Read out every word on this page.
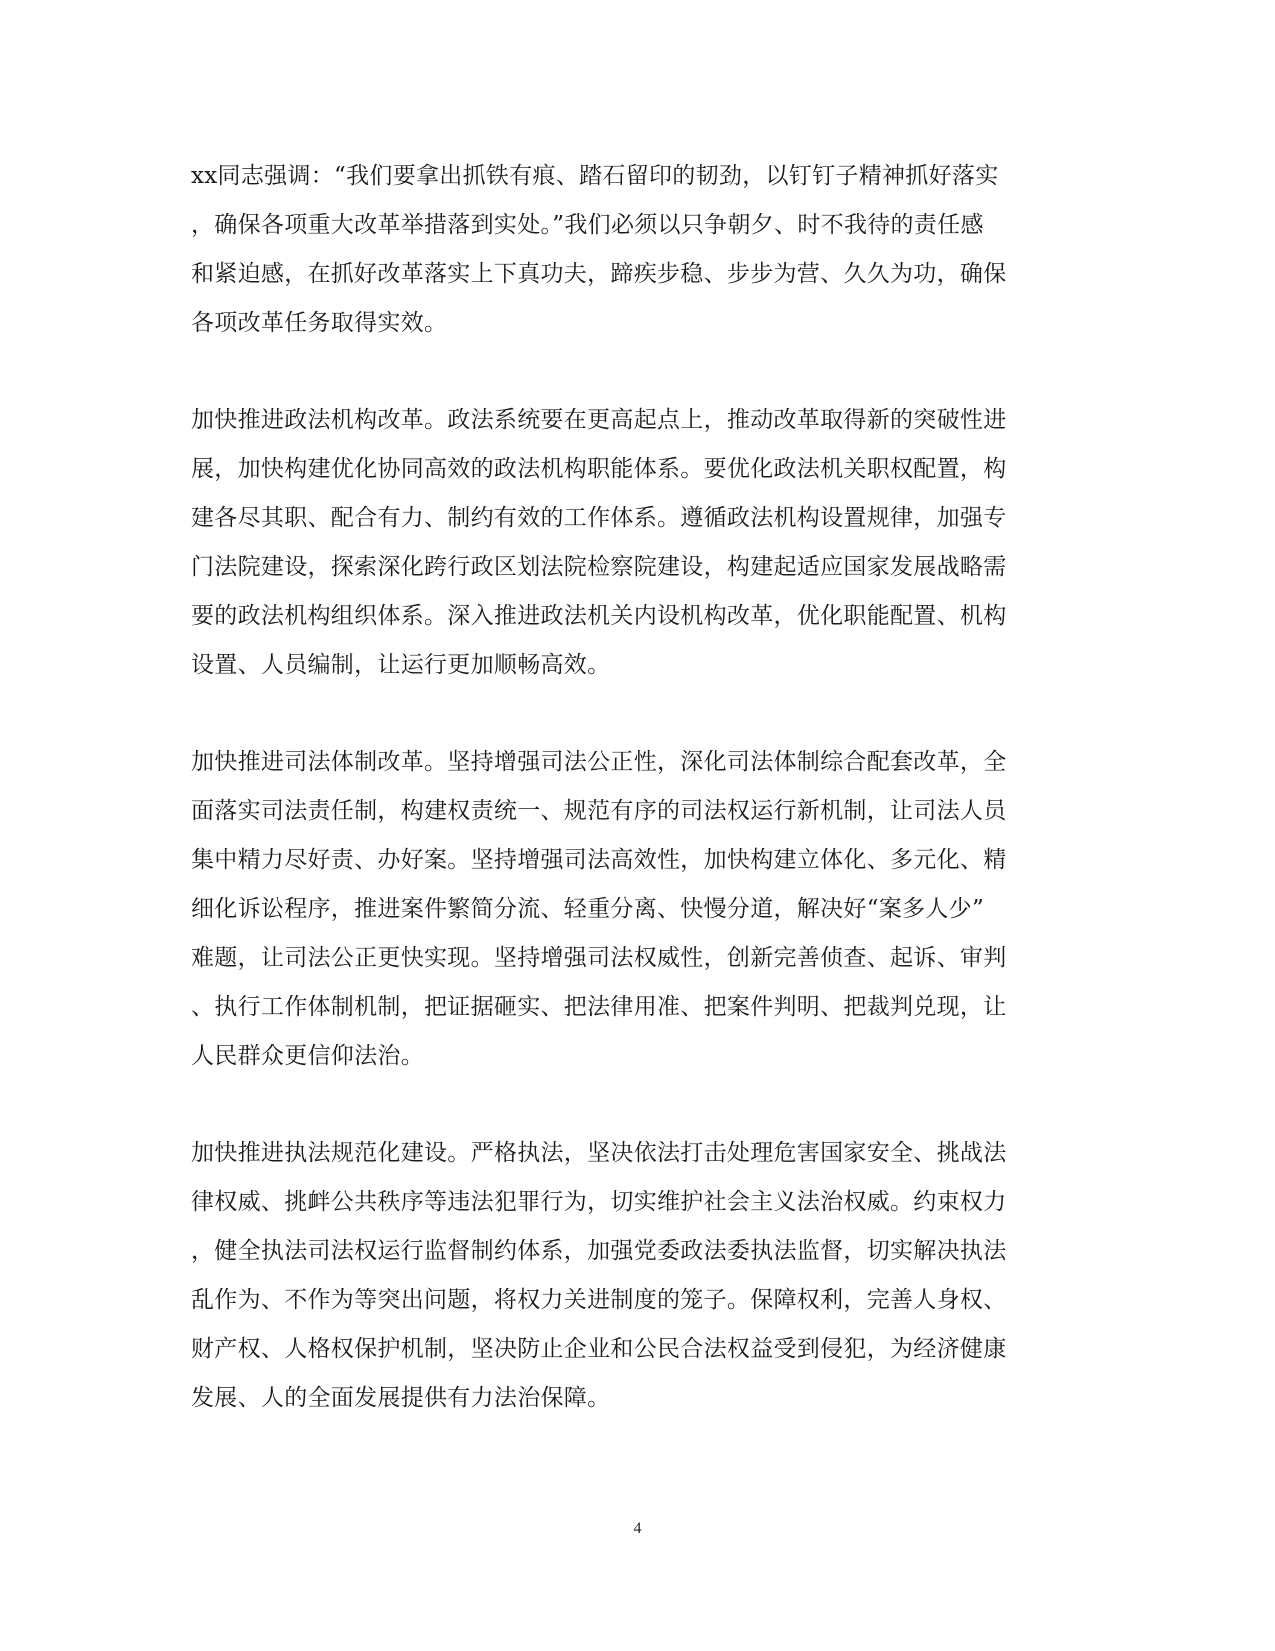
xx同志强调：“我们要拿出抓铁有痕、踏石留印的韧劲，以钉钉子精神抓好落实
，确保各项重大改革举措落到实处。”我们必须以只争朝夕、时不我待的责任感
和紧迫感，在抓好改革落实上下真功夫，蹄疾步稳、步步为营、久久为功，确保
各项改革任务取得实效。

加快推进政法机构改革。政法系统要在更高起点上，推动改革取得新的突破性进
展，加快构建优化协同高效的政法机构职能体系。要优化政法机关职权配置，构
建各尽其职、配合有力、制约有效的工作体系。遵循政法机构设置规律，加强专
门法院建设，探索深化跨行政区划法院检察院建设，构建起适应国家发展战略需
要的政法机构组织体系。深入推进政法机关内设机构改革，优化职能配置、机构
设置、人员编制，让运行更加顺畅高效。

加快推进司法体制改革。坚持增强司法公正性，深化司法体制综合配套改革，全
面落实司法责任制，构建权责统一、规范有序的司法权运行新机制，让司法人员
集中精力尽好责、办好案。坚持增强司法高效性，加快构建立体化、多元化、精
细化诉讼程序，推进案件繁简分流、轻重分离、快慢分道，解决好“案多人少”
难题，让司法公正更快实现。坚持增强司法权威性，创新完善侦查、起诉、审判
、执行工作体制机制，把证据砸实、把法律用准、把案件判明、把裁判兑现，让
人民群众更信仰法治。

加快推进执法规范化建设。严格执法，坚决依法打击处理危害国家安全、挑战法
律权威、挑衅公共秩序等违法犯罪行为，切实维护社会主义法治权威。约束权力
，健全执法司法权运行监督制约体系，加强党委政法委执法监督，切实解决执法
乱作为、不作为等突出问题，将权力关进制度的笼子。保障权利，完善人身权、
财产权、人格权保护机制，坚决防止企业和公民合法权益受到侵犯，为经济健康
发展、人的全面发展提供有力法治保障。

4
